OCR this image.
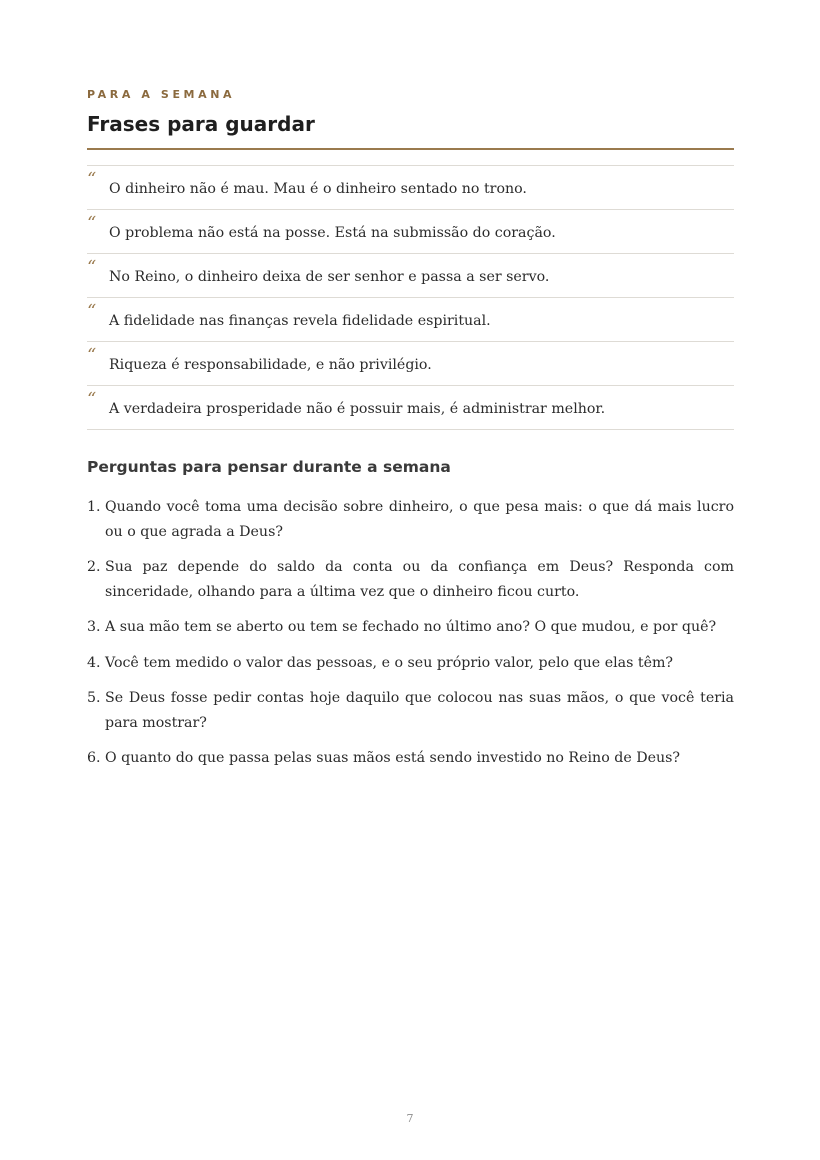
PARA A SEMANA
Frases para guardar
“ O dinheiro não é mau. Mau é o dinheiro sentado no trono.
“ O problema não está na posse. Está na submissão do coração.
“ No Reino, o dinheiro deixa de ser senhor e passa a ser servo.
“ A fidelidade nas finanças revela fidelidade espiritual.
“ Riqueza é responsabilidade, e não privilégio.
“ A verdadeira prosperidade não é possuir mais, é administrar melhor.
Perguntas para pensar durante a semana
1. Quando você toma uma decisão sobre dinheiro, o que pesa mais: o que dá mais lucro ou o que agrada a Deus?
2. Sua paz depende do saldo da conta ou da confiança em Deus? Responda com sinceridade, olhando para a última vez que o dinheiro ficou curto.
3. A sua mão tem se aberto ou tem se fechado no último ano? O que mudou, e por quê?
4. Você tem medido o valor das pessoas, e o seu próprio valor, pelo que elas têm?
5. Se Deus fosse pedir contas hoje daquilo que colocou nas suas mãos, o que você teria para mostrar?
6. O quanto do que passa pelas suas mãos está sendo investido no Reino de Deus?
7
